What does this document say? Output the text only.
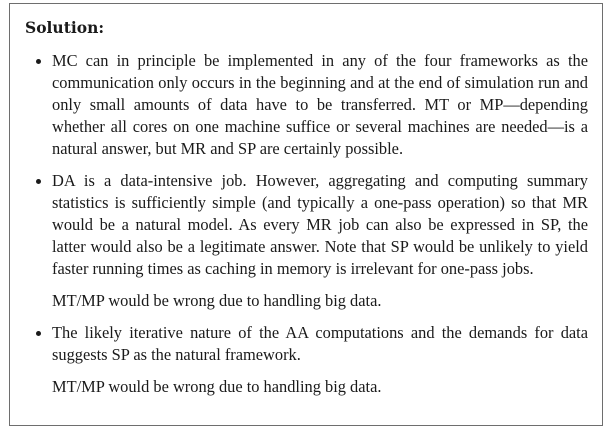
Solution:

MC can in principle be implemented in any of the four frameworks as the communication only occurs in the beginning and at the end of simulation run and only small amounts of data have to be transferred. MT or MP—depending whether all cores on one machine suffice or several machines are needed—is a natural answer, but MR and SP are certainly possible.

DA is a data-intensive job. However, aggregating and computing summary statistics is sufficiently simple (and typically a one-pass operation) so that MR would be a natural model. As every MR job can also be expressed in SP, the latter would also be a legitimate answer. Note that SP would be unlikely to yield faster running times as caching in memory is irrelevant for one-pass jobs.

MT/MP would be wrong due to handling big data.

The likely iterative nature of the AA computations and the demands for data suggests SP as the natural framework.

MT/MP would be wrong due to handling big data.
